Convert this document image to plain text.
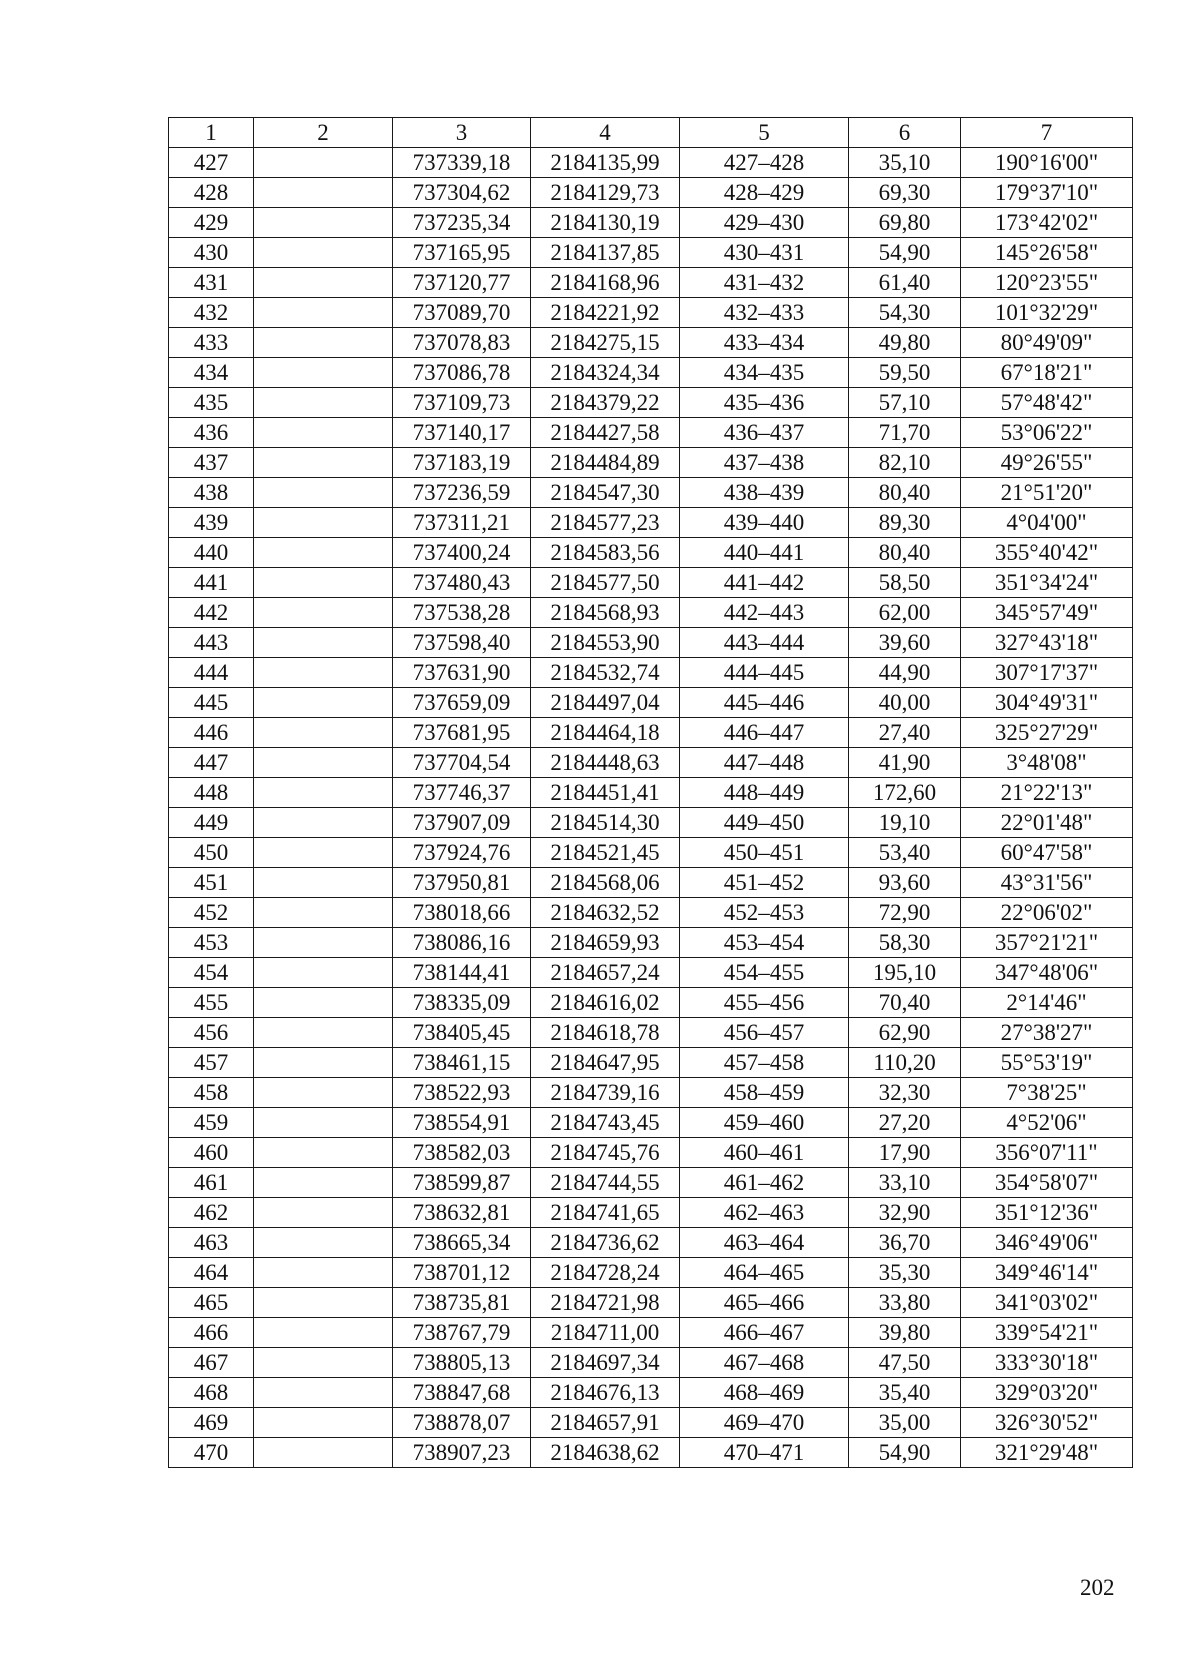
1	2	3	4	5	6	7
427		737339,18	2184135,99	427–428	35,10	190°16'00"
428		737304,62	2184129,73	428–429	69,30	179°37'10"
429		737235,34	2184130,19	429–430	69,80	173°42'02"
430		737165,95	2184137,85	430–431	54,90	145°26'58"
431		737120,77	2184168,96	431–432	61,40	120°23'55"
432		737089,70	2184221,92	432–433	54,30	101°32'29"
433		737078,83	2184275,15	433–434	49,80	80°49'09"
434		737086,78	2184324,34	434–435	59,50	67°18'21"
435		737109,73	2184379,22	435–436	57,10	57°48'42"
436		737140,17	2184427,58	436–437	71,70	53°06'22"
437		737183,19	2184484,89	437–438	82,10	49°26'55"
438		737236,59	2184547,30	438–439	80,40	21°51'20"
439		737311,21	2184577,23	439–440	89,30	4°04'00"
440		737400,24	2184583,56	440–441	80,40	355°40'42"
441		737480,43	2184577,50	441–442	58,50	351°34'24"
442		737538,28	2184568,93	442–443	62,00	345°57'49"
443		737598,40	2184553,90	443–444	39,60	327°43'18"
444		737631,90	2184532,74	444–445	44,90	307°17'37"
445		737659,09	2184497,04	445–446	40,00	304°49'31"
446		737681,95	2184464,18	446–447	27,40	325°27'29"
447		737704,54	2184448,63	447–448	41,90	3°48'08"
448		737746,37	2184451,41	448–449	172,60	21°22'13"
449		737907,09	2184514,30	449–450	19,10	22°01'48"
450		737924,76	2184521,45	450–451	53,40	60°47'58"
451		737950,81	2184568,06	451–452	93,60	43°31'56"
452		738018,66	2184632,52	452–453	72,90	22°06'02"
453		738086,16	2184659,93	453–454	58,30	357°21'21"
454		738144,41	2184657,24	454–455	195,10	347°48'06"
455		738335,09	2184616,02	455–456	70,40	2°14'46"
456		738405,45	2184618,78	456–457	62,90	27°38'27"
457		738461,15	2184647,95	457–458	110,20	55°53'19"
458		738522,93	2184739,16	458–459	32,30	7°38'25"
459		738554,91	2184743,45	459–460	27,20	4°52'06"
460		738582,03	2184745,76	460–461	17,90	356°07'11"
461		738599,87	2184744,55	461–462	33,10	354°58'07"
462		738632,81	2184741,65	462–463	32,90	351°12'36"
463		738665,34	2184736,62	463–464	36,70	346°49'06"
464		738701,12	2184728,24	464–465	35,30	349°46'14"
465		738735,81	2184721,98	465–466	33,80	341°03'02"
466		738767,79	2184711,00	466–467	39,80	339°54'21"
467		738805,13	2184697,34	467–468	47,50	333°30'18"
468		738847,68	2184676,13	468–469	35,40	329°03'20"
469		738878,07	2184657,91	469–470	35,00	326°30'52"
470		738907,23	2184638,62	470–471	54,90	321°29'48"
202
